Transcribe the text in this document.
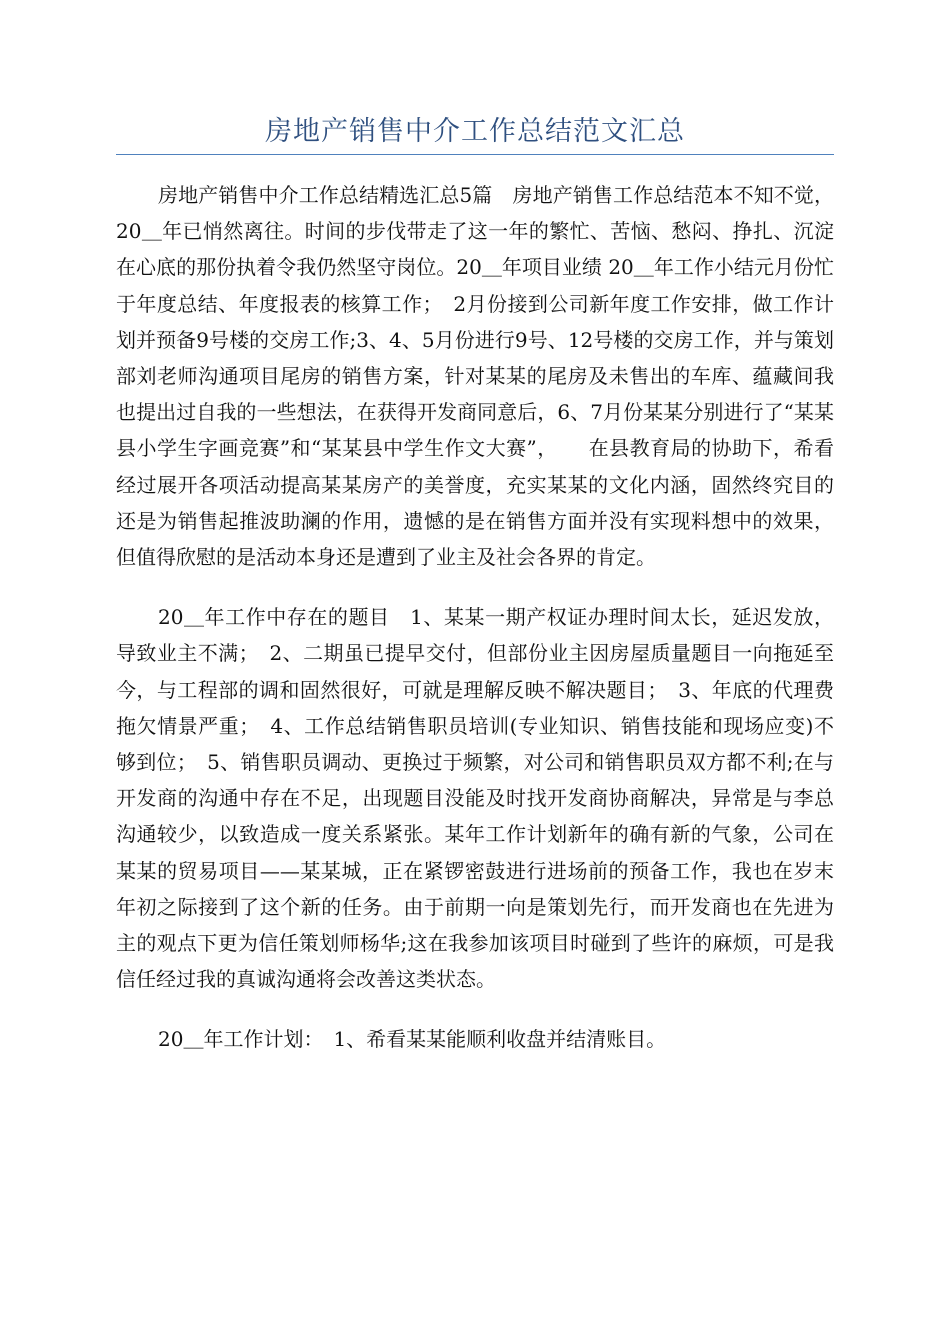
房地产销售中介工作总结范文汇总

房地产销售中介工作总结精选汇总5篇　房地产销售工作总结范本不知不觉，20＿年已悄然离往。时间的步伐带走了这一年的繁忙、苦恼、愁闷、挣扎、沉淀在心底的那份执着令我仍然坚守岗位。20＿年项目业绩 20＿年工作小结元月份忙于年度总结、年度报表的核算工作；　2月份接到公司新年度工作安排，做工作计划并预备9号楼的交房工作;3、4、5月份进行9号、12号楼的交房工作，并与策划部刘老师沟通项目尾房的销售方案，针对某某的尾房及未售出的车库、蕴藏间我也提出过自我的一些想法，在获得开发商同意后，6、7月份某某分别进行了“某某县小学生字画竞赛”和“某某县中学生作文大赛”，　　在县教育局的协助下，希看经过展开各项活动提高某某房产的美誉度，充实某某的文化内涵，固然终究目的还是为销售起推波助澜的作用，遗憾的是在销售方面并没有实现料想中的效果，但值得欣慰的是活动本身还是遭到了业主及社会各界的肯定。

20＿年工作中存在的题目　1、某某一期产权证办理时间太长，延迟发放，导致业主不满；　2、二期虽已提早交付，但部份业主因房屋质量题目一向拖延至今，与工程部的调和固然很好，可就是理解反映不解决题目；　3、年底的代理费拖欠情景严重；　4、工作总结销售职员培训(专业知识、销售技能和现场应变)不够到位；　5、销售职员调动、更换过于频繁，对公司和销售职员双方都不利;在与开发商的沟通中存在不足，出现题目没能及时找开发商协商解决，异常是与李总沟通较少，以致造成一度关系紧张。某年工作计划新年的确有新的气象，公司在某某的贸易项目——某某城，正在紧锣密鼓进行进场前的预备工作，我也在岁末年初之际接到了这个新的任务。由于前期一向是策划先行，而开发商也在先进为主的观点下更为信任策划师杨华;这在我参加该项目时碰到了些许的麻烦，可是我信任经过我的真诚沟通将会改善这类状态。

20＿年工作计划：　1、希看某某能顺利收盘并结清账目。
